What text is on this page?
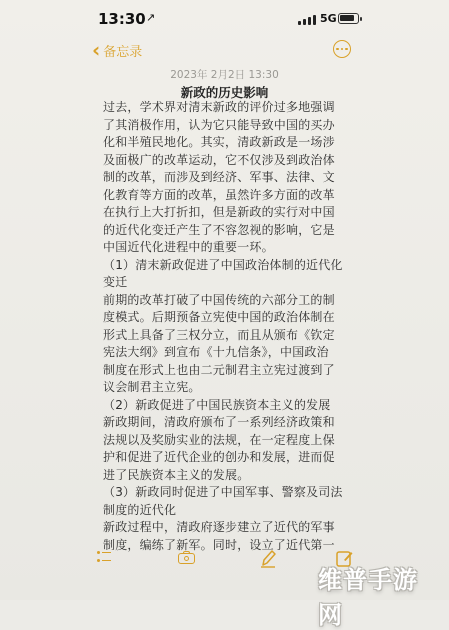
13:30 ↗	5G
‹ 备忘录
2023年 2月2日 13:30
新政的历史影响
过去，学术界对清末新政的评价过多地强调
了其消极作用，认为它只能导致中国的买办
化和半殖民地化。其实，清政新政是一场涉
及面极广的改革运动，它不仅涉及到政治体
制的改革，而涉及到经济、军事、法律、文
化教育等方面的改革，虽然许多方面的改革
在执行上大打折扣，但是新政的实行对中国
的近代化变迁产生了不容忽视的影响，它是
中国近代化进程中的重要一环。
（1）清末新政促进了中国政治体制的近代化
变迁
前期的改革打破了中国传统的六部分工的制
度模式。后期预备立宪使中国的政治体制在
形式上具备了三权分立，而且从颁布《钦定
宪法大纲》到宣布《十九信条》，中国政治
制度在形式上也由二元制君主立宪过渡到了
议会制君主立宪。
（2）新政促进了中国民族资本主义的发展
新政期间，清政府颁布了一系列经济政策和
法规以及奖励实业的法规，在一定程度上保
护和促进了近代企业的创办和发展，进而促
进了民族资本主义的发展。
（3）新政同时促进了中国军事、警察及司法
制度的近代化
新政过程中，清政府逐步建立了近代的军事
制度，编练了新军。同时，设立了近代第一
维普手游网
